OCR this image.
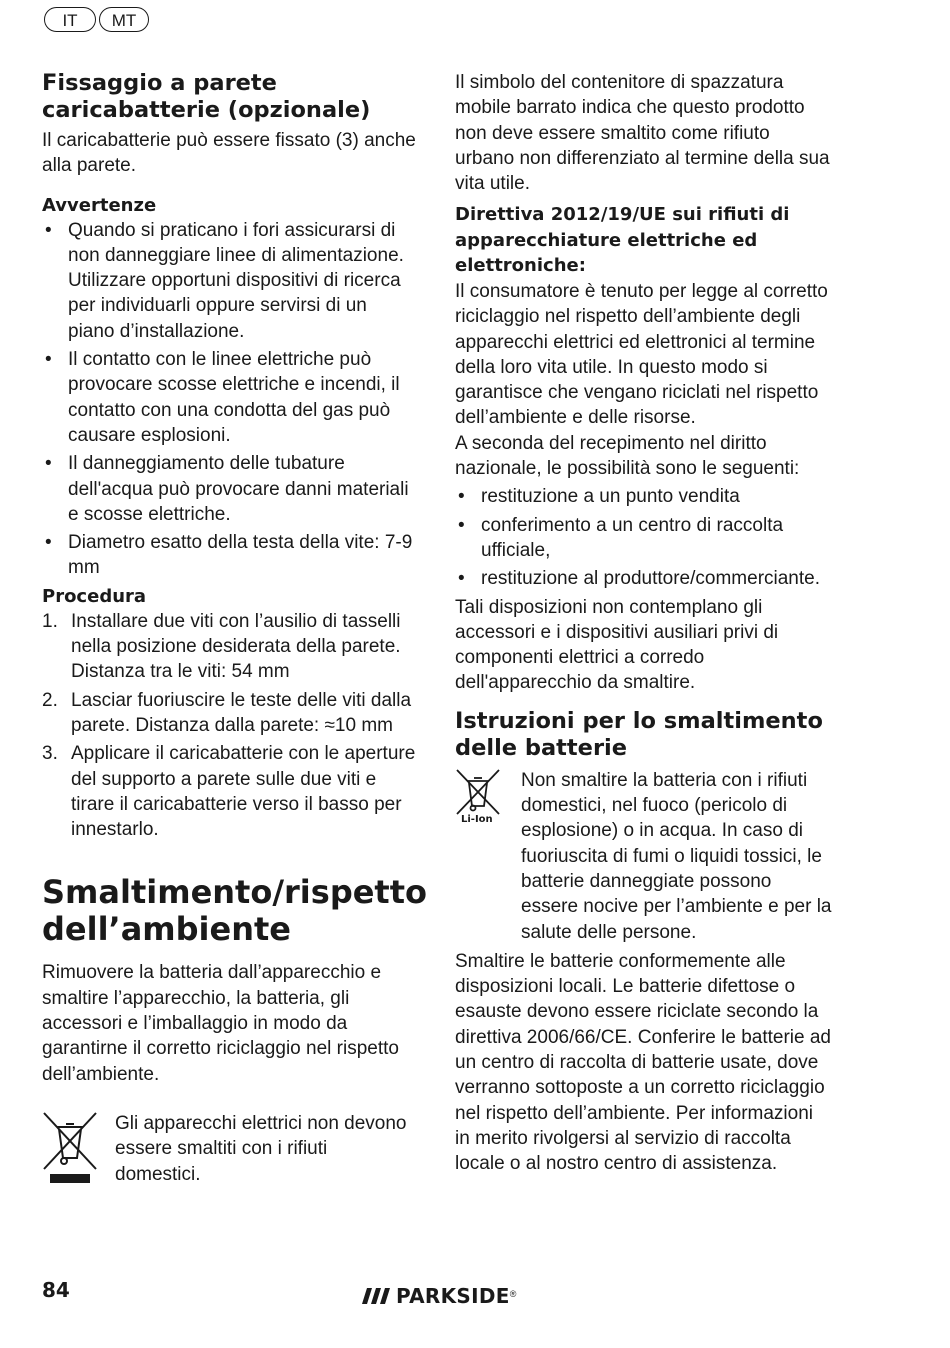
IT	MT
Fissaggio a parete caricabatterie (opzionale)

Il caricabatterie può essere fissato (3) anche alla parete.

Avvertenze
• Quando si praticano i fori assicurarsi di non danneggiare linee di alimentazione. Utilizzare opportuni dispositivi di ricerca per individuarli oppure servirsi di un piano d’installazione.
• Il contatto con le linee elettriche può provocare scosse elettriche e incendi, il contatto con una condotta del gas può causare esplosioni.
• Il danneggiamento delle tubature dell'acqua può provocare danni materiali e scosse elettriche.
• Diametro esatto della testa della vite: 7-9 mm
Procedura
1. Installare due viti con l’ausilio di tasselli nella posizione desiderata della parete. Distanza tra le viti: 54 mm
2. Lasciar fuoriuscire le teste delle viti dalla parete. Distanza dalla parete: ≈10 mm
3. Applicare il caricabatterie con le aperture del supporto a parete sulle due viti e tirare il caricabatterie verso il basso per innestarlo.
Smaltimento/rispetto dell’ambiente

Rimuovere la batteria dall’apparecchio e smaltire l’apparecchio, la batteria, gli accessori e l’imballaggio in modo da garantirne il corretto riciclaggio nel rispetto dell’ambiente.

Gli apparecchi elettrici non devono essere smaltiti con i rifiuti domestici.

Il simbolo del contenitore di spazzatura mobile barrato indica che questo prodotto non deve essere smaltito come rifiuto urbano non differenziato al termine della sua vita utile.

Direttiva 2012/19/UE sui rifiuti di apparecchiature elettriche ed elettroniche:

Il consumatore è tenuto per legge al corretto riciclaggio nel rispetto dell’ambiente degli apparecchi elettrici ed elettronici al termine della loro vita utile. In questo modo si garantisce che vengano riciclati nel rispetto dell’ambiente e delle risorse.

A seconda del recepimento nel diritto nazionale, le possibilità sono le seguenti:

• restituzione a un punto vendita
• conferimento a un centro di raccolta ufficiale,
• restituzione al produttore/commerciante.

Tali disposizioni non contemplano gli accessori e i dispositivi ausiliari privi di componenti elettrici a corredo dell'apparecchio da smaltire.

Istruzioni per lo smaltimento delle batterie
Li-Ion

Non smaltire la batteria con i rifiuti domestici, nel fuoco (pericolo di esplosione) o in acqua. In caso di fuoriuscita di fumi o liquidi tossici, le batterie danneggiate possono essere nocive per l’ambiente e per la salute delle persone.

Smaltire le batterie conformemente alle disposizioni locali. Le batterie difettose o esauste devono essere riciclate secondo la direttiva 2006/66/CE. Conferire le batterie ad un centro di raccolta di batterie usate, dove verranno sottoposte a un corretto riciclaggio nel rispetto dell’ambiente. Per informazioni in merito rivolgersi al servizio di raccolta locale o al nostro centro di assistenza.

84	PARKSIDE ®
